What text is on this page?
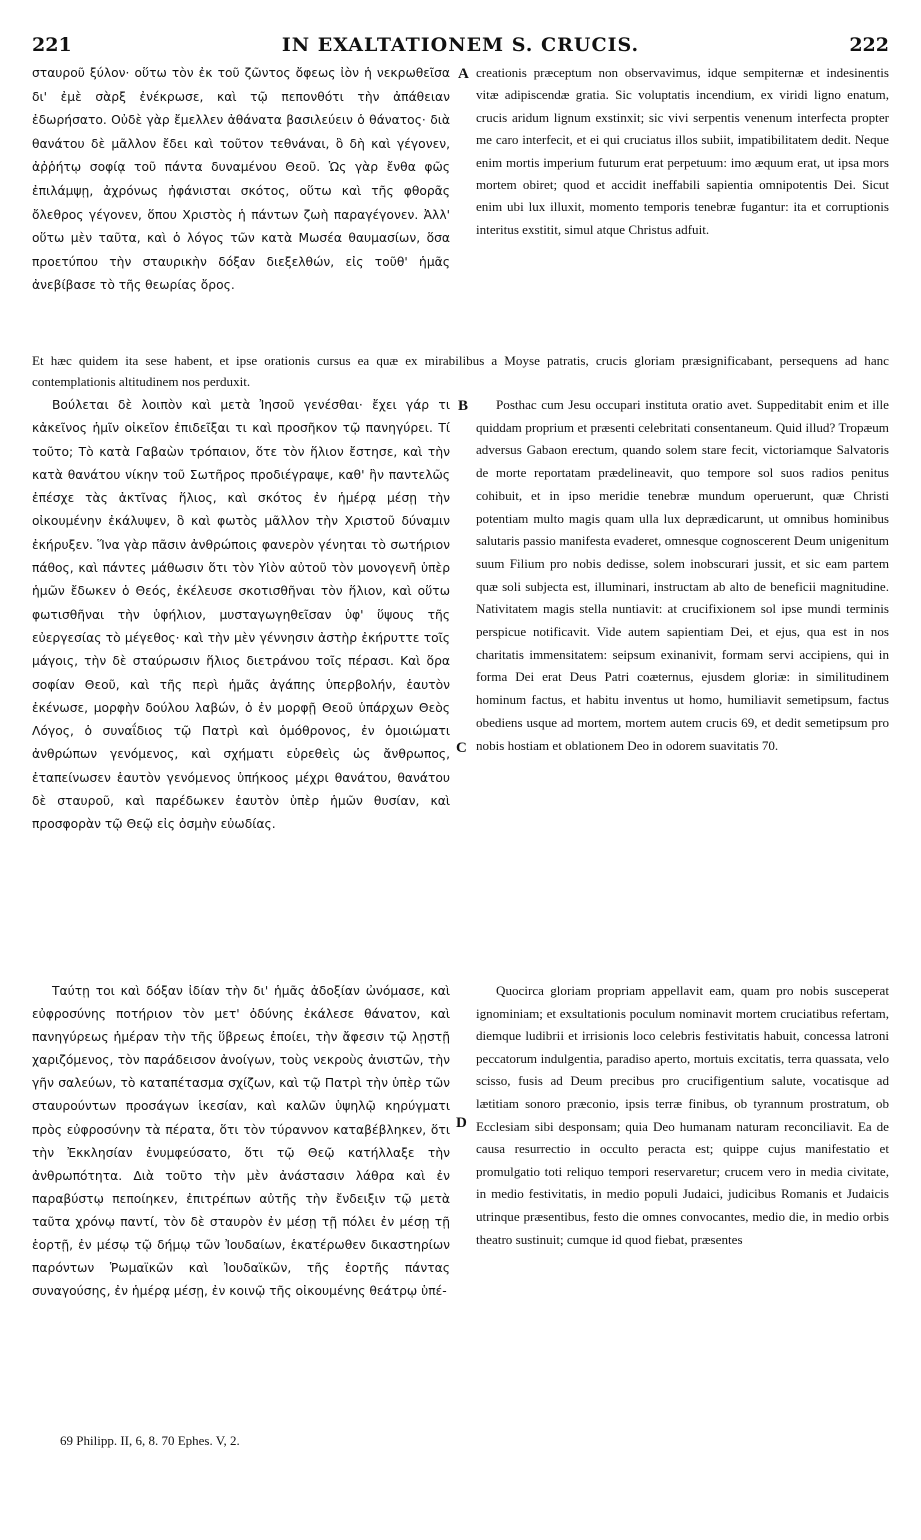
221	IN EXALTATIONEM S. CRUCIS.	222

σταυροῦ ξύλον· οὕτω τὸν ἐκ τοῦ ζῶντος ὄφεως ἰὸν ἡ νεκρωθεῖσα δι' ἐμὲ σὰρξ ἐνέκρωσε, καὶ τῷ πεπονθότι τὴν ἀπάθειαν ἐδωρήσατο. Οὐδὲ γὰρ ἔμελλεν ἀθάνατα βασιλεύειν ὁ θάνατος· διὰ θανάτου δὲ μᾶλλον ἔδει καὶ τοῦτον τεθνάναι, ὃ δὴ καὶ γέγονεν, ἀῤῥήτῳ σοφίᾳ τοῦ πάντα δυναμένου Θεοῦ. Ὡς γὰρ ἔνθα φῶς ἐπιλάμψῃ, ἀχρόνως ἠφάνισται σκότος, οὕτω καὶ τῆς φθορᾶς ὄλεθρος γέγονεν, ὅπου Χριστὸς ἡ πάντων ζωὴ παραγέγονεν. Ἀλλ' οὕτω μὲν ταῦτα, καὶ ὁ λόγος τῶν κατὰ Μωσέα θαυμασίων, ὅσα προετύπου τὴν σταυρικὴν δόξαν διεξελθών, εἰς τοῦθ' ἡμᾶς ἀνεβίβασε τὸ τῆς θεωρίας ὄρος.

A creationis præceptum non observavimus, idque sempiternæ et indesinentis vitæ adipiscendæ gratia. Sic voluptatis incendium, ex viridi ligno enatum, crucis aridum lignum exstinxit; sic vivi serpentis venenum interfecta propter me caro interfecit, et ei qui cruciatus illos subiit, impatibilitatem dedit. Neque enim mortis imperium futurum erat perpetuum: imo æquum erat, ut ipsa mors mortem obiret; quod et accidit ineffabili sapientia omnipotentis Dei. Sicut enim ubi lux illuxit, momento temporis tenebræ fugantur: ita et corruptionis interitus exstitit, simul atque Christus adfuit.

Et hæc quidem ita sese habent, et ipse orationis cursus ea quæ ex mirabilibus a Moyse patratis, crucis gloriam præsignificabant, persequens ad hanc contemplationis altitudinem nos perduxit.

Βούλεται δὲ λοιπὸν καὶ μετὰ Ἰησοῦ γενέσθαι· ἔχει γάρ τι κἀκεῖνος ἡμῖν οἰκεῖον ἐπιδεῖξαι τι καὶ προσῆκον τῷ πανηγύρει. Τί τοῦτο; Τὸ κατὰ Γαβαὼν τρόπαιον, ὅτε τὸν ἥλιον ἔστησε, καὶ τὴν κατὰ θανάτου νίκην τοῦ Σωτῆρος προδιέγραψε, καθ' ἣν παντελῶς ἐπέσχε τὰς ἀκτῖνας ἥλιος, καὶ σκότος ἐν ἡμέρᾳ μέσῃ τὴν οἰκουμένην ἐκάλυψεν, ὃ καὶ φωτὸς μᾶλλον τὴν Χριστοῦ δύναμιν ἐκήρυξεν. Ἵνα γὰρ πᾶσιν ἀνθρώποις φανερὸν γένηται τὸ σωτήριον πάθος, καὶ πάντες μάθωσιν ὅτι τὸν Υἱὸν αὐτοῦ τὸν μονογενῆ ὑπὲρ ἡμῶν ἔδωκεν ὁ Θεός, ἐκέλευσε σκοτισθῆναι τὸν ἥλιον, καὶ οὕτω φωτισθῆναι τὴν ὑφήλιον, μυσταγωγηθεῖσαν ὑφ' ὕψους τῆς εὐεργεσίας τὸ μέγεθος· καὶ τὴν μὲν γέννησιν ἀστὴρ ἐκήρυττε τοῖς μάγοις, τὴν δὲ σταύρωσιν ἥλιος διετράνου τοῖς πέρασι. Καὶ ὅρα σοφίαν Θεοῦ, καὶ τῆς περὶ ἡμᾶς ἀγάπης ὑπερβολήν, ἑαυτὸν ἐκένωσε, μορφὴν δούλου λαβών, ὁ ἐν μορφῇ Θεοῦ ὑπάρχων Θεὸς Λόγος, ὁ συναΐδιος τῷ Πατρὶ καὶ ὁμόθρονος, ἐν ὁμοιώματι ἀνθρώπων γενόμενος, καὶ σχήματι εὑρεθεὶς ὡς ἄνθρωπος, ἐταπείνωσεν ἑαυτὸν γενόμενος ὑπήκοος μέχρι θανάτου, θανάτου δὲ σταυροῦ, καὶ παρέδωκεν ἑαυτὸν ὑπὲρ ἡμῶν θυσίαν, καὶ προσφορὰν τῷ Θεῷ εἰς ὀσμὴν εὐωδίας.

B
C

Posthac cum Jesu occupari instituta oratio avet. Suppeditabit enim et ille quiddam proprium et præsenti celebritati consentaneum. Quid illud? Tropæum adversus Gabaon erectum, quando solem stare fecit, victoriamque Salvatoris de morte reportatam prædelineavit, quo tempore sol suos radios penitus cohibuit, et in ipso meridie tenebræ mundum operuerunt, quæ Christi potentiam multo magis quam ulla lux deprædicarunt, ut omnibus hominibus salutaris passio manifesta evaderet, omnesque cognoscerent Deum unigenitum suum Filium pro nobis dedisse, solem inobscurari jussit, et sic eam partem quæ soli subjecta est, illuminari, instructam ab alto de beneficii magnitudine. Nativitatem magis stella nuntiavit: at crucifixionem sol ipse mundi terminis perspicue notificavit. Vide autem sapientiam Dei, et ejus, qua est in nos charitatis immensitatem: seipsum exinanivit, formam servi accipiens, qui in forma Dei erat Deus Patri coæternus, ejusdem gloriæ: in similitudinem hominum factus, et habitu inventus ut homo, humiliavit semetipsum, factus obediens usque ad mortem, mortem autem crucis 69, et dedit semetipsum pro nobis hostiam et oblationem Deo in odorem suavitatis 70.

Ταύτῃ τοι καὶ δόξαν ἰδίαν τὴν δι' ἡμᾶς ἀδοξίαν ὠνόμασε, καὶ εὐφροσύνης ποτήριον τὸν μετ' ὀδύνης ἐκάλεσε θάνατον, καὶ πανηγύρεως ἡμέραν τὴν τῆς ὕβρεως ἐποίει, τὴν ἄφεσιν τῷ λῃστῇ χαριζόμενος, τὸν παράδεισον ἀνοίγων, τοὺς νεκροὺς ἀνιστῶν, τὴν γῆν σαλεύων, τὸ καταπέτασμα σχίζων, καὶ τῷ Πατρὶ τὴν ὑπὲρ τῶν σταυρούντων προσάγων ἱκεσίαν, καὶ καλῶν ὑψηλῷ κηρύγματι πρὸς εὐφροσύνην τὰ πέρατα, ὅτι τὸν τύραννον καταβέβληκεν, ὅτι τὴν Ἐκκλησίαν ἐνυμφεύσατο, ὅτι τῷ Θεῷ κατήλλαξε τὴν ἀνθρωπότητα. Διὰ τοῦτο τὴν μὲν ἀνάστασιν λάθρα καὶ ἐν παραβύστῳ πεποίηκεν, ἐπιτρέπων αὐτῆς τὴν ἔνδειξιν τῷ μετὰ ταῦτα χρόνῳ παντί, τὸν δὲ σταυρὸν ἐν μέσῃ τῇ πόλει ἐν μέσῃ τῇ ἑορτῇ, ἐν μέσῳ τῷ δήμῳ τῶν Ἰουδαίων, ἑκατέρωθεν δικαστηρίων παρόντων Ῥωμαϊκῶν καὶ Ἰουδαϊκῶν, τῆς ἑορτῆς πάντας συναγούσης, ἐν ἡμέρᾳ μέσῃ, ἐν κοινῷ τῆς οἰκουμένης θεάτρῳ ὑπέ-

D

Quocirca gloriam propriam appellavit eam, quam pro nobis susceperat ignominiam; et exsultationis poculum nominavit mortem cruciatibus refertam, diemque ludibrii et irrisionis loco celebris festivitatis habuit, concessa latroni peccatorum indulgentia, paradiso aperto, mortuis excitatis, terra quassata, velo scisso, fusis ad Deum precibus pro crucifigentium salute, vocatisque ad lætitiam sonoro præconio, ipsis terræ finibus, ob tyrannum prostratum, ob Ecclesiam sibi desponsam; quia Deo humanam naturam reconciliavit. Ea de causa resurrectio in occulto peracta est; quippe cujus manifestatio et promulgatio toti reliquo tempori reservaretur; crucem vero in media civitate, in medio festivitatis, in medio populi Judaici, judicibus Romanis et Judaicis utrinque præsentibus, festo die omnes convocantes, medio die, in medio orbis theatro sustinuit; cumque id quod fiebat, præsentes

69 Philipp. II, 6, 8. 70 Ephes. V, 2.
